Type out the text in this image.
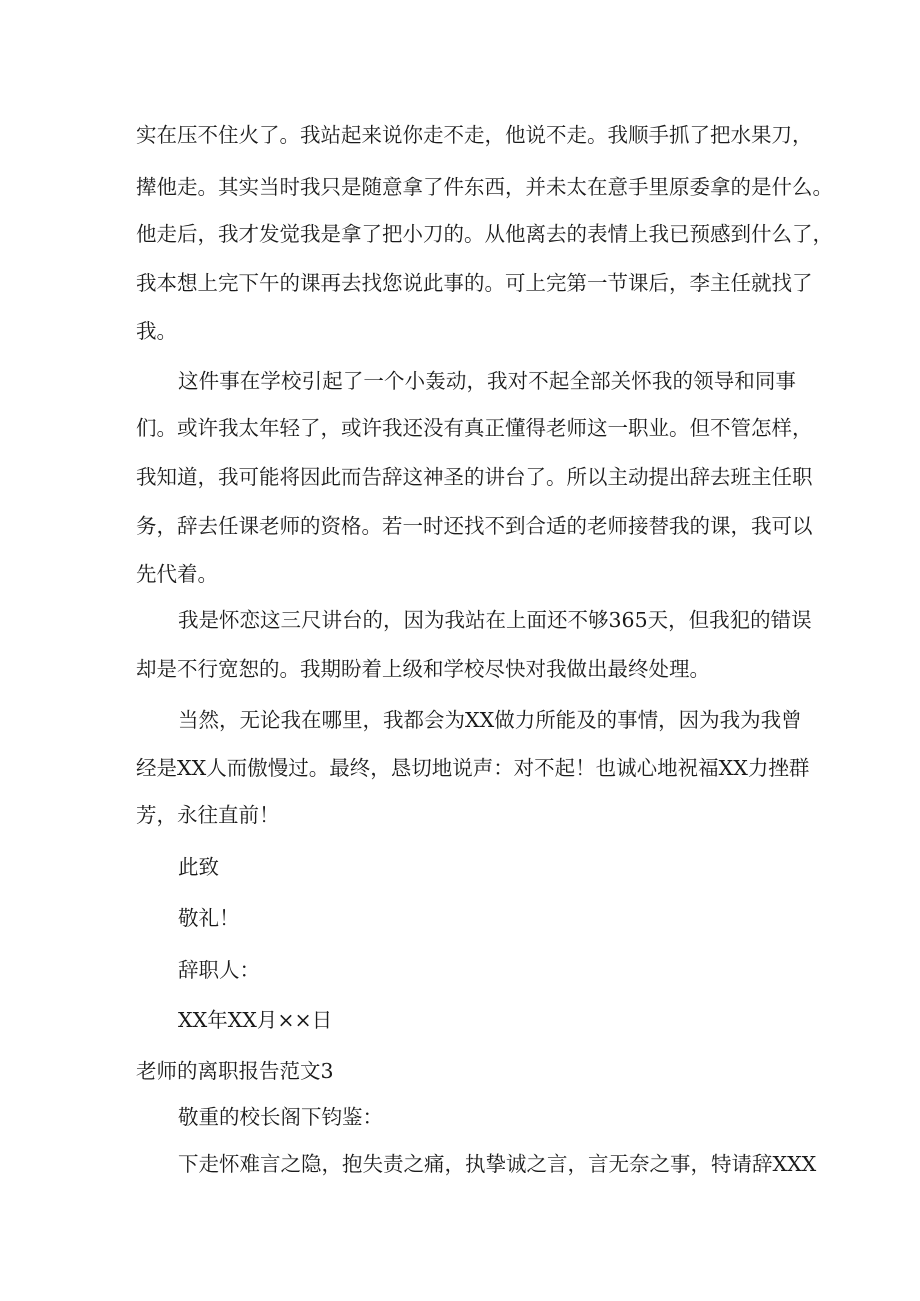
实在压不住火了。我站起来说你走不走，他说不走。我顺手抓了把水果刀，
撵他走。其实当时我只是随意拿了件东西，并未太在意手里原委拿的是什么。
他走后，我才发觉我是拿了把小刀的。从他离去的表情上我已预感到什么了，
我本想上完下午的课再去找您说此事的。可上完第一节课后，李主任就找了
我。
这件事在学校引起了一个小轰动，我对不起全部关怀我的领导和同事
们。或许我太年轻了，或许我还没有真正懂得老师这一职业。但不管怎样，
我知道，我可能将因此而告辞这神圣的讲台了。所以主动提出辞去班主任职
务，辞去任课老师的资格。若一时还找不到合适的老师接替我的课，我可以
先代着。
我是怀恋这三尺讲台的，因为我站在上面还不够365天，但我犯的错误
却是不行宽恕的。我期盼着上级和学校尽快对我做出最终处理。
当然，无论我在哪里，我都会为XX做力所能及的事情，因为我为我曾
经是XX人而傲慢过。最终，恳切地说声：对不起！也诚心地祝福XX力挫群
芳，永往直前！
此致
敬礼！
辞职人：
XX年XX月××日
老师的离职报告范文3
敬重的校长阁下钧鉴：
下走怀难言之隐，抱失责之痛，执挚诚之言，言无奈之事，特请辞XXX
